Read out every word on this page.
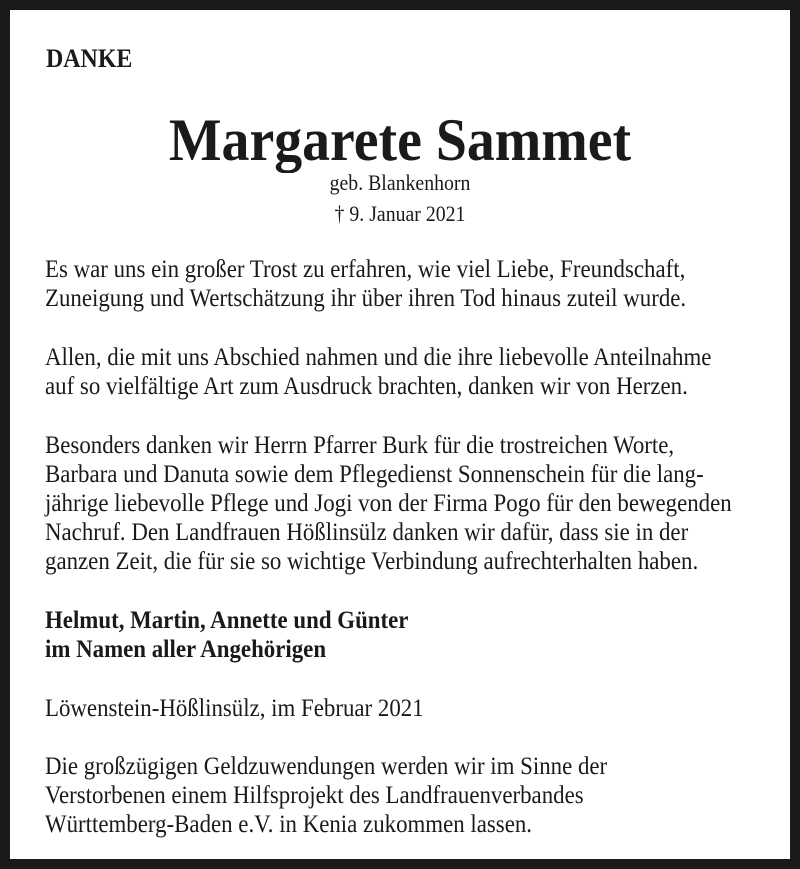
DANKE
Margarete Sammet
geb. Blankenhorn
† 9. Januar 2021
Es war uns ein großer Trost zu erfahren, wie viel Liebe, Freundschaft,
Zuneigung und Wertschätzung ihr über ihren Tod hinaus zuteil wurde.
Allen, die mit uns Abschied nahmen und die ihre liebevolle Anteilnahme
auf so vielfältige Art zum Ausdruck brachten, danken wir von Herzen.
Besonders danken wir Herrn Pfarrer Burk für die trostreichen Worte,
Barbara und Danuta sowie dem Pflegedienst Sonnenschein für die lang-
jährige liebevolle Pflege und Jogi von der Firma Pogo für den bewegenden
Nachruf. Den Landfrauen Hößlinsülz danken wir dafür, dass sie in der
ganzen Zeit, die für sie so wichtige Verbindung aufrechterhalten haben.
Helmut, Martin, Annette und Günter
im Namen aller Angehörigen
Löwenstein-Hößlinsülz, im Februar 2021
Die großzügigen Geldzuwendungen werden wir im Sinne der
Verstorbenen einem Hilfsprojekt des Landfrauenverbandes
Württemberg-Baden e.V. in Kenia zukommen lassen.
